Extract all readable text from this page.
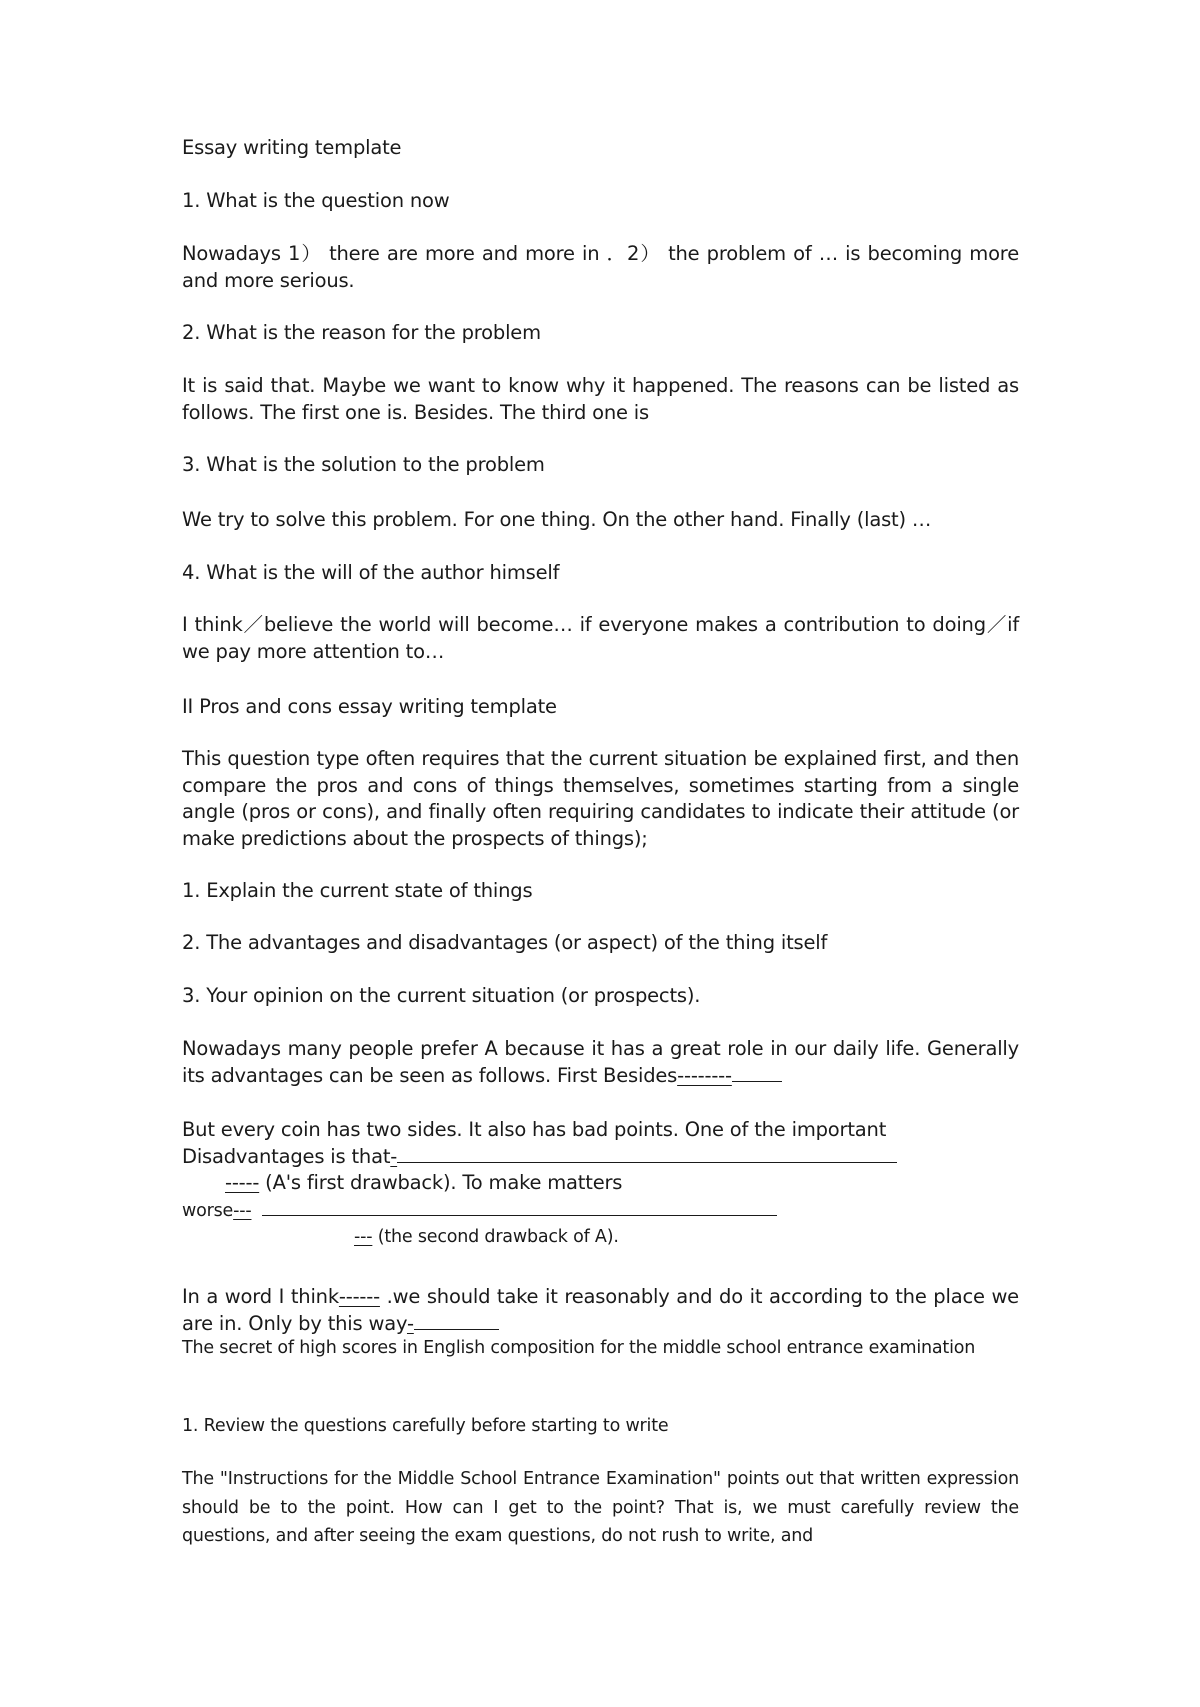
Essay writing template

1. What is the question now

Nowadays 1） there are more and more in ．2） the problem of … is becoming more and more serious.

2. What is the reason for the problem

It is said that. Maybe we want to know why it happened. The reasons can be listed as follows. The first one is. Besides. The third one is

3. What is the solution to the problem

We try to solve this problem. For one thing. On the other hand. Finally (last) …

4. What is the will of the author himself

I think／believe the world will become… if everyone makes a contribution to doing／if we pay more attention to…

II Pros and cons essay writing template

This question type often requires that the current situation be explained first, and then compare the pros and cons of things themselves, sometimes starting from a single angle (pros or cons), and finally often requiring candidates to indicate their attitude (or make predictions about the prospects of things);

1. Explain the current state of things

2. The advantages and disadvantages (or aspect) of the thing itself

3. Your opinion on the current situation (or prospects).

Nowadays many people prefer A because it has a great role in our daily life. Generally its advantages can be seen as follows. First Besides--------

But every coin has two sides. It also has bad points. One of the important
Disadvantages is that-
----- (A's first drawback). To make matters
worse---
--- (the second drawback of A).

In a word I think------ .we should take it reasonably and do it according to the place we are in. Only by this way-

The secret of high scores in English composition for the middle school entrance examination

1. Review the questions carefully before starting to write

The "Instructions for the Middle School Entrance Examination" points out that written expression should be to the point. How can I get to the point? That is, we must carefully review the questions, and after seeing the exam questions, do not rush to write, and
